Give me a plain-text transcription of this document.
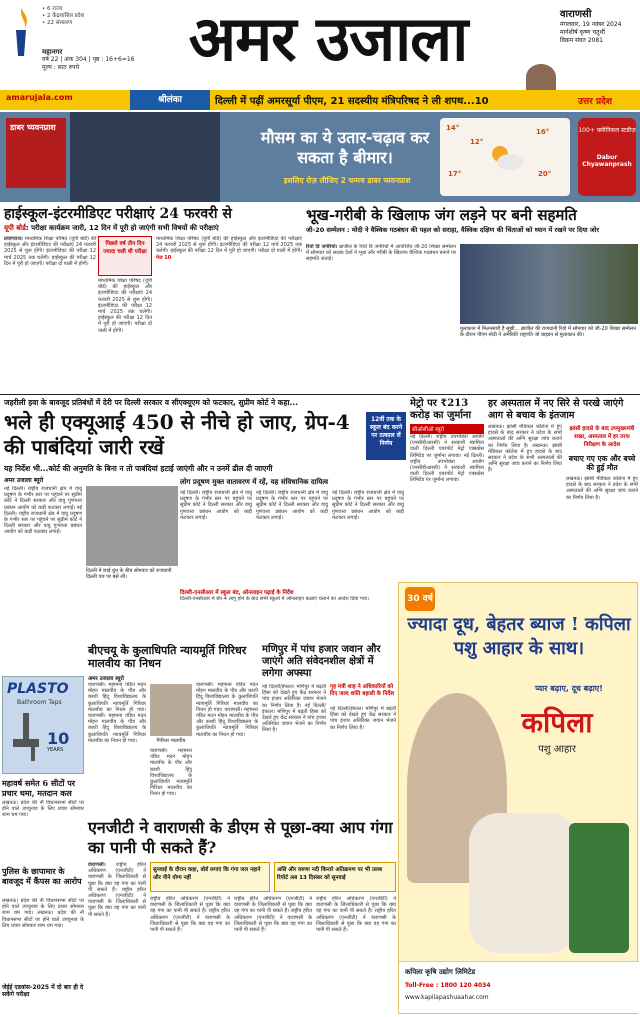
• 6 राज्य
• 2 केंद्रशासित प्रदेश
• 22 संस्करण
महानगर
वर्ष 22 | अंक 304 | पृष्ठ : 16+6=16
मूल्य : सात रुपये	अमर उजाला	वाराणसी
मंगलवार, 19 नवंबर 2024
मार्गशीर्ष कृष्ण चतुर्थी
विक्रम संवत 2081
amarujala.com	श्रीलंका	दिल्ली में पढ़ीं अमरसूर्या पीएम, 21 सदस्यीय मंत्रिपरिषद ने ली शपथ...10	उत्तर प्रदेश
डाबर च्यवनप्राश
मौसम का ये उतार-चढ़ाव कर सकता है बीमार।
इसलिए रोज़ लीजिए 2 चम्मच डाबर च्यवनप्राश
14°
12°
16°
17°	20°
100+ क्लीनिकल स्टडीज़
Dabur Chyawanprash
हाईस्कूल-इंटरमीडिएट परीक्षाएं 24 फरवरी से
यूपी बोर्ड: परीक्षा कार्यक्रम जारी, 12 दिन में पूरी हो जाएंगी सभी विषयों की परीक्षाएं
प्रयागराज। माध्यमिक शिक्षा परिषद (यूपी बोर्ड) की हाईस्कूल और इंटरमीडिएट की परीक्षाएं 24 फरवरी 2025 से शुरू होंगी। इंटरमीडिएट की परीक्षा 12 मार्च 2025 तक चलेगी। हाईस्कूल की परीक्षा 12 दिन में पूरी हो जाएगी। परीक्षा दो पाली में होगी।
पिछले वर्ष तीन दिन ज्यादा चली थी परीक्षा
माध्यमिक शिक्षा परिषद (यूपी बोर्ड) की हाईस्कूल और इंटरमीडिएट की परीक्षाएं 24 फरवरी 2025 से शुरू होंगी। इंटरमीडिएट की परीक्षा 12 मार्च 2025 तक चलेगी। हाईस्कूल की परीक्षा 12 दिन में पूरी हो जाएगी। परीक्षा दो पाली में होगी।
माध्यमिक शिक्षा परिषद (यूपी बोर्ड) की हाईस्कूल और इंटरमीडिएट की परीक्षाएं 24 फरवरी 2025 से शुरू होंगी। इंटरमीडिएट की परीक्षा 12 मार्च 2025 तक चलेगी। हाईस्कूल की परीक्षा 12 दिन में पूरी हो जाएगी। परीक्षा दो पाली में होगी। पेज 10
भूख-गरीबी के खिलाफ जंग लड़ने पर बनी सहमति
जी-20 सम्मेलन : मोदी ने वैश्विक गठबंधन की पहल को सराहा, वैश्विक दक्षिण की चिंताओं को ध्यान में रखने पर दिया जोर
रियो डि जनेरियो। ब्राजील के रियो डि जनेरियो में आयोजित जी-20 शिखर सम्मेलन में सोमवार को सदस्य देशों ने भूख और गरीबी के खिलाफ वैश्विक गठबंधन बनाने पर सहमति जताई।
मुलाकात में मिलनसारी है सूझी... ब्राजील की राजधानी रियो में सोमवार को जी-20 शिखर सम्मेलन के दौरान पीएम मोदी ने अमेरिकी राष्ट्रपति जो बाइडन से मुलाकात की।
जहरीली हवा के बावजूद प्रतिबंधों में देरी पर दिल्ली सरकार व सीएक्यूएम को फटकार, सुप्रीम कोर्ट ने कहा...
भले ही एक्यूआई 450 से नीचे हो जाए, ग्रेप-4 की पाबंदियां जारी रखें
12वीं तक के स्कूल बंद करने पर तत्काल लें निर्णय
यह निर्देश भी...कोर्ट की अनुमति के बिना न तो पाबंदियां हटाई जाएंगी और न उनमें ढील दी जाएगी
अमर उजाला ब्यूरो
नई दिल्ली। राष्ट्रीय राजधानी क्षेत्र में वायु प्रदूषण के गंभीर स्तर पर पहुंचने पर सुप्रीम कोर्ट ने दिल्ली सरकार और वायु गुणवत्ता प्रबंधन आयोग को कड़ी फटकार लगाई। नई दिल्ली। राष्ट्रीय राजधानी क्षेत्र में वायु प्रदूषण के गंभीर स्तर पर पहुंचने पर सुप्रीम कोर्ट ने दिल्ली सरकार और वायु गुणवत्ता प्रबंधन आयोग को कड़ी फटकार लगाई।
दिल्ली में छाई धुंध के बीच सोमवार को राजधानी दिल्ली पथ पर बसें लीं।
लोग प्रदूषण मुक्त वातावरण में रहें, यह संविधानिक दायित्व
नई दिल्ली। राष्ट्रीय राजधानी क्षेत्र में वायु प्रदूषण के गंभीर स्तर पर पहुंचने पर सुप्रीम कोर्ट ने दिल्ली सरकार और वायु गुणवत्ता प्रबंधन आयोग को कड़ी फटकार लगाई।
नई दिल्ली। राष्ट्रीय राजधानी क्षेत्र में वायु प्रदूषण के गंभीर स्तर पर पहुंचने पर सुप्रीम कोर्ट ने दिल्ली सरकार और वायु गुणवत्ता प्रबंधन आयोग को कड़ी फटकार लगाई।
नई दिल्ली। राष्ट्रीय राजधानी क्षेत्र में वायु प्रदूषण के गंभीर स्तर पर पहुंचने पर सुप्रीम कोर्ट ने दिल्ली सरकार और वायु गुणवत्ता प्रबंधन आयोग को कड़ी फटकार लगाई।
दिल्ली-एनसीआर में स्कूल बंद, ऑनलाइन पढ़ाई के निर्देश
दिल्ली-एनसीआर में ग्रेप-4 लागू होने के बाद सभी स्कूलों में ऑनलाइन कक्षाएं चलाने का आदेश दिया गया।
मेट्रो पर ₹213 करोड़ का जुर्माना
सीओसीओ ब्यूरो
नई दिल्ली। राष्ट्रीय उपभोक्ता आयोग (एनसीडीआरसी) ने सरकारी स्वामित्व वाली दिल्ली एयरपोर्ट मेट्रो एक्सप्रेस लिमिटेड पर जुर्माना लगाया। नई दिल्ली। राष्ट्रीय उपभोक्ता आयोग (एनसीडीआरसी) ने सरकारी स्वामित्व वाली दिल्ली एयरपोर्ट मेट्रो एक्सप्रेस लिमिटेड पर जुर्माना लगाया।
हर अस्पताल में नए सिरे से परखे जाएंगे आग से बचाव के इंतजाम
लखनऊ। झांसी मेडिकल कॉलेज में हुए हादसे के बाद सरकार ने प्रदेश के सभी अस्पतालों की अग्नि सुरक्षा जांच कराने का निर्णय लिया है। लखनऊ। झांसी मेडिकल कॉलेज में हुए हादसे के बाद सरकार ने प्रदेश के सभी अस्पतालों की अग्नि सुरक्षा जांच कराने का निर्णय लिया है।
झांसी हादसे के बाद उपमुख्यमंत्री सख्त, अस्पताल में हर तरफ निरीक्षण के आदेश
बचाए गए एक और बच्चे की हुई मौत
लखनऊ। झांसी मेडिकल कॉलेज में हुए हादसे के बाद सरकार ने प्रदेश के सभी अस्पतालों की अग्नि सुरक्षा जांच कराने का निर्णय लिया है।
PLASTO
Bathroom Taps
10
YEARS
महावर्ष समेत 6 सीटों पर प्रचार थमा, मतदान कल
लखनऊ। प्रदेश की नौ विधानसभा सीटों पर होने वाले उपचुनाव के लिए प्रचार सोमवार शाम थम गया।
पुलिस के छापामार के बावजूद में कैंपस का आरोप
लखनऊ। प्रदेश की नौ विधानसभा सीटों पर होने वाले उपचुनाव के लिए प्रचार सोमवार शाम थम गया। लखनऊ। प्रदेश की नौ विधानसभा सीटों पर होने वाले उपचुनाव के लिए प्रचार सोमवार शाम थम गया।
जेईई एडवांस-2025 में दो बार ही दे सकेंगे परीक्षा
बीएचयू के कुलाधिपति न्यायमूर्ति गिरिधर मालवीय का निधन
अमर उजाला ब्यूरो
वाराणसी। महामना पंडित मदन मोहन मालवीय के पौत्र और काशी हिंदू विश्वविद्यालय के कुलाधिपति न्यायमूर्ति गिरिधर मालवीय का निधन हो गया। वाराणसी। महामना पंडित मदन मोहन मालवीय के पौत्र और काशी हिंदू विश्वविद्यालय के कुलाधिपति न्यायमूर्ति गिरिधर मालवीय का निधन हो गया।	गिरिधर मालवीय
वाराणसी। महामना पंडित मदन मोहन मालवीय के पौत्र और काशी हिंदू विश्वविद्यालय के कुलाधिपति न्यायमूर्ति गिरिधर मालवीय का निधन हो गया।
वाराणसी। महामना पंडित मदन मोहन मालवीय के पौत्र और काशी हिंदू विश्वविद्यालय के कुलाधिपति न्यायमूर्ति गिरिधर मालवीय का निधन हो गया। वाराणसी। महामना पंडित मदन मोहन मालवीय के पौत्र और काशी हिंदू विश्वविद्यालय के कुलाधिपति न्यायमूर्ति गिरिधर मालवीय का निधन हो गया।
मणिपुर में पांच हजार जवान और जाएंगे अति संवेदनशील क्षेत्रों में लगेगा अफ्स्पा
नई दिल्ली/इंफाल। मणिपुर में बढ़ती हिंसा को देखते हुए केंद्र सरकार ने पांच हजार अतिरिक्त जवान भेजने का निर्णय लिया है। नई दिल्ली/इंफाल। मणिपुर में बढ़ती हिंसा को देखते हुए केंद्र सरकार ने पांच हजार अतिरिक्त जवान भेजने का निर्णय लिया है।
गृह मंत्री शाह ने अधिकारियों को दिए जल्द शांति बहाली के निर्देश
नई दिल्ली/इंफाल। मणिपुर में बढ़ती हिंसा को देखते हुए केंद्र सरकार ने पांच हजार अतिरिक्त जवान भेजने का निर्णय लिया है।
एनजीटी ने वाराणसी के डीएम से पूछा-क्या आप गंगा का पानी पी सकते हैं?
सुनवाई के दौरान कहा, बोर्ड लगाएं कि गंगा जल नहाने और पीने योग्य नहीं
असि और वरुणा नदी किनारे अतिक्रमण पर भी तलब रिपोर्ट अब 13 दिसंबर को सुनवाई
वाराणसी। राष्ट्रीय हरित अधिकरण (एनजीटी) ने वाराणसी के जिलाधिकारी से पूछा कि क्या वह गंगा का पानी पी सकते हैं। राष्ट्रीय हरित अधिकरण (एनजीटी) ने वाराणसी के जिलाधिकारी से पूछा कि क्या वह गंगा का पानी पी सकते हैं।
राष्ट्रीय हरित अधिकरण (एनजीटी) ने वाराणसी के जिलाधिकारी से पूछा कि क्या वह गंगा का पानी पी सकते हैं। राष्ट्रीय हरित अधिकरण (एनजीटी) ने वाराणसी के जिलाधिकारी से पूछा कि क्या वह गंगा का पानी पी सकते हैं।
राष्ट्रीय हरित अधिकरण (एनजीटी) ने वाराणसी के जिलाधिकारी से पूछा कि क्या वह गंगा का पानी पी सकते हैं। राष्ट्रीय हरित अधिकरण (एनजीटी) ने वाराणसी के जिलाधिकारी से पूछा कि क्या वह गंगा का पानी पी सकते हैं।
राष्ट्रीय हरित अधिकरण (एनजीटी) ने वाराणसी के जिलाधिकारी से पूछा कि क्या वह गंगा का पानी पी सकते हैं। राष्ट्रीय हरित अधिकरण (एनजीटी) ने वाराणसी के जिलाधिकारी से पूछा कि क्या वह गंगा का पानी पी सकते हैं।
30 वर्ष
ज्यादा दूध, बेहतर ब्याज ! कपिला पशु आहार के साथ।
प्यार बढ़ाए, दूध बढ़ाए!
कपिला
पशु आहार
कपिला कृषि उद्योग लिमिटेड
Toll-Free : 1800 120 4034
www.kapilapashuaahar.com
